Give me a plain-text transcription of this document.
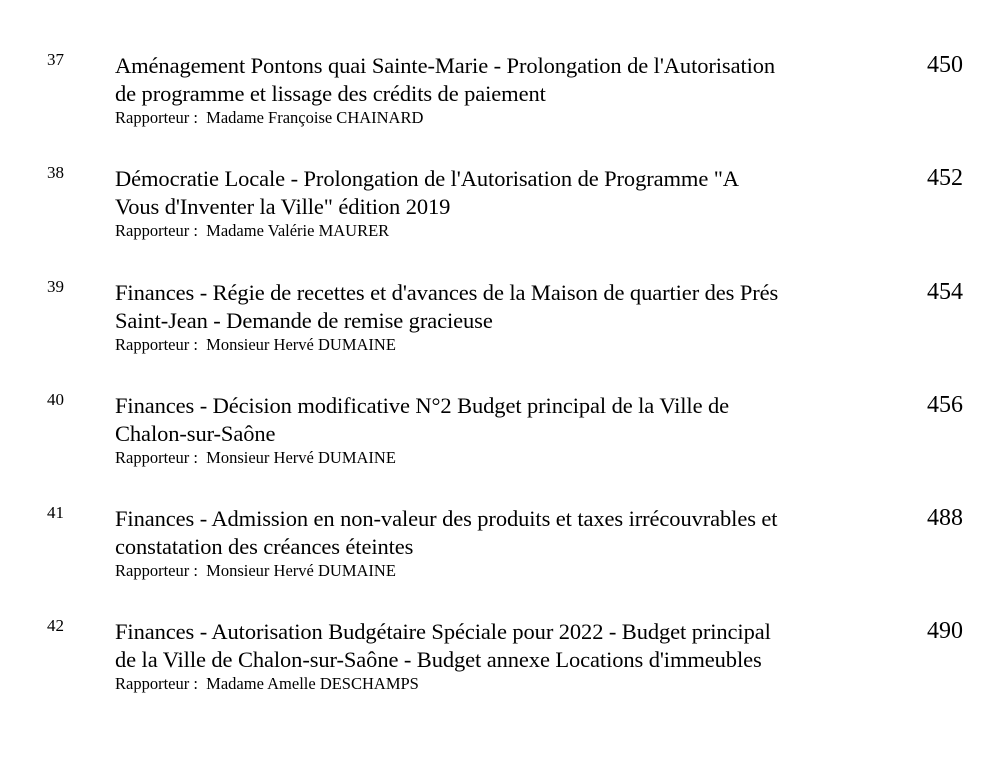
37 Aménagement Pontons quai Sainte-Marie - Prolongation de l'Autorisation
de programme et lissage des crédits de paiement
Rapporteur :  Madame Françoise CHAINARD
450
38 Démocratie Locale - Prolongation de l'Autorisation de Programme "A
Vous d'Inventer la Ville" édition 2019
Rapporteur :  Madame Valérie MAURER
452
39 Finances - Régie de recettes et d'avances de la Maison de quartier des Prés
Saint-Jean - Demande de remise gracieuse
Rapporteur :  Monsieur Hervé DUMAINE
454
40 Finances - Décision modificative N°2 Budget principal de la Ville de
Chalon-sur-Saône
Rapporteur :  Monsieur Hervé DUMAINE
456
41 Finances - Admission en non-valeur des produits et taxes irrécouvrables et
constatation des créances éteintes
Rapporteur :  Monsieur Hervé DUMAINE
488
42 Finances - Autorisation Budgétaire Spéciale pour 2022 - Budget principal
de la Ville de Chalon-sur-Saône - Budget annexe Locations d'immeubles
Rapporteur :  Madame Amelle DESCHAMPS
490
